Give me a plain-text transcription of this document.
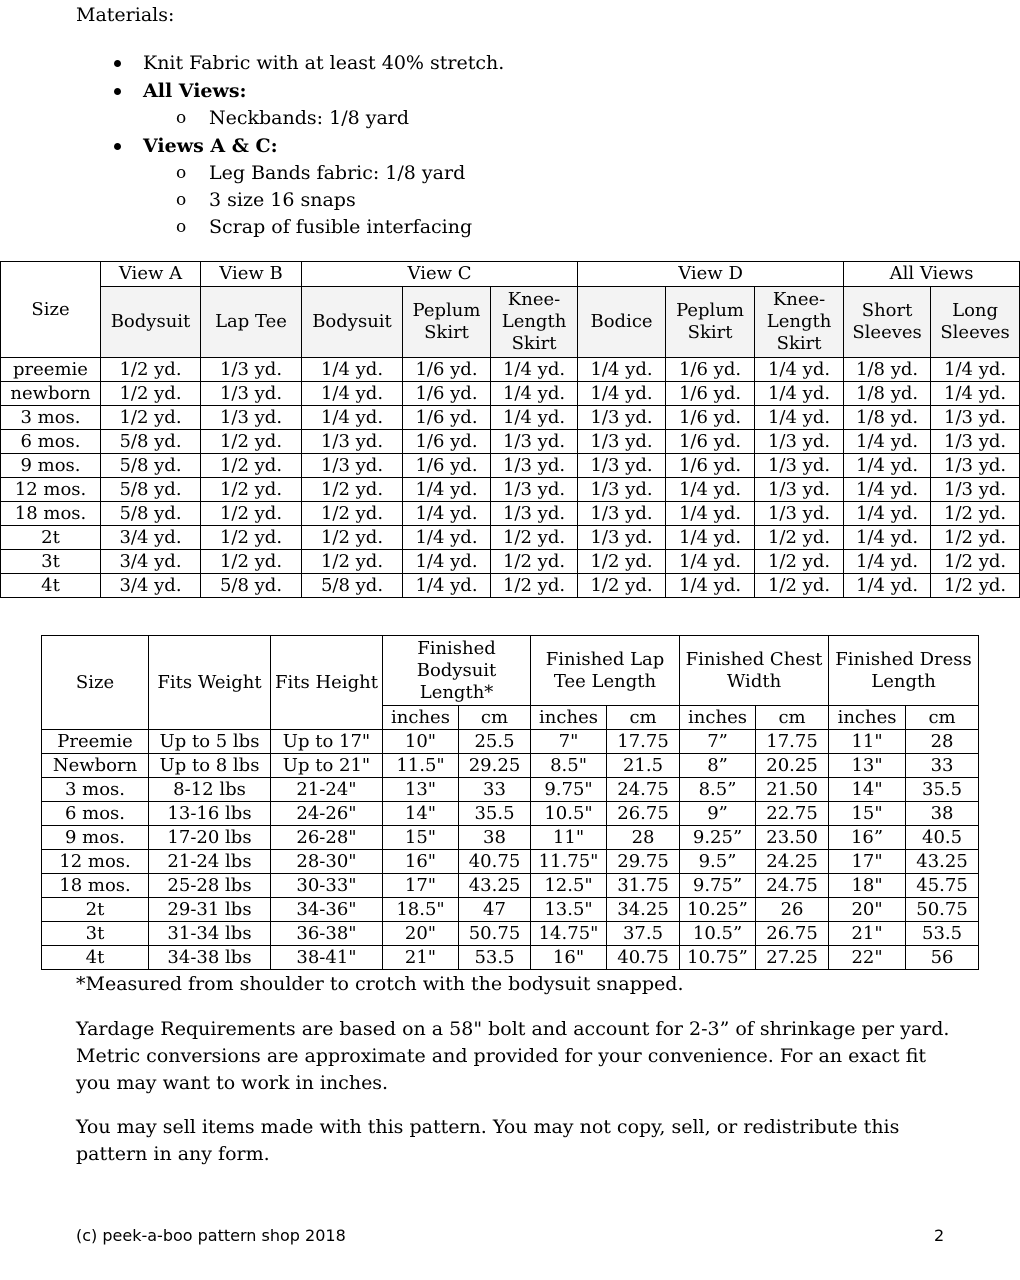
Materials:
Knit Fabric with at least 40% stretch.
All Views:
o Neckbands: 1/8 yard
Views A & C:
o Leg Bands fabric: 1/8 yard
o 3 size 16 snaps
o Scrap of fusible interfacing
Size	View A	View B	View C			View D			All Views	
	Bodysuit	Lap Tee	Bodysuit	Peplum Skirt	Knee-Length Skirt	Bodice	Peplum Skirt	Knee-Length Skirt	Short Sleeves	Long Sleeves
preemie	1/2 yd.	1/3 yd.	1/4 yd.	1/6 yd.	1/4 yd.	1/4 yd.	1/6 yd.	1/4 yd.	1/8 yd.	1/4 yd.
newborn	1/2 yd.	1/3 yd.	1/4 yd.	1/6 yd.	1/4 yd.	1/4 yd.	1/6 yd.	1/4 yd.	1/8 yd.	1/4 yd.
3 mos.	1/2 yd.	1/3 yd.	1/4 yd.	1/6 yd.	1/4 yd.	1/3 yd.	1/6 yd.	1/4 yd.	1/8 yd.	1/3 yd.
6 mos.	5/8 yd.	1/2 yd.	1/3 yd.	1/6 yd.	1/3 yd.	1/3 yd.	1/6 yd.	1/3 yd.	1/4 yd.	1/3 yd.
9 mos.	5/8 yd.	1/2 yd.	1/3 yd.	1/6 yd.	1/3 yd.	1/3 yd.	1/6 yd.	1/3 yd.	1/4 yd.	1/3 yd.
12 mos.	5/8 yd.	1/2 yd.	1/2 yd.	1/4 yd.	1/3 yd.	1/3 yd.	1/4 yd.	1/3 yd.	1/4 yd.	1/3 yd.
18 mos.	5/8 yd.	1/2 yd.	1/2 yd.	1/4 yd.	1/3 yd.	1/3 yd.	1/4 yd.	1/3 yd.	1/4 yd.	1/2 yd.
2t	3/4 yd.	1/2 yd.	1/2 yd.	1/4 yd.	1/2 yd.	1/3 yd.	1/4 yd.	1/2 yd.	1/4 yd.	1/2 yd.
3t	3/4 yd.	1/2 yd.	1/2 yd.	1/4 yd.	1/2 yd.	1/2 yd.	1/4 yd.	1/2 yd.	1/4 yd.	1/2 yd.
4t	3/4 yd.	5/8 yd.	5/8 yd.	1/4 yd.	1/2 yd.	1/2 yd.	1/4 yd.	1/2 yd.	1/4 yd.	1/2 yd.
Size	Fits Weight	Fits Height	Finished Bodysuit Length*		Finished Lap Tee Length		Finished Chest Width		Finished Dress Length	
			inches	cm	inches	cm	inches	cm	inches	cm
Preemie	Up to 5 lbs	Up to 17"	10"	25.5	7"	17.75	7”	17.75	11"	28
Newborn	Up to 8 lbs	Up to 21"	11.5"	29.25	8.5"	21.5	8”	20.25	13"	33
3 mos.	8-12 lbs	21-24"	13"	33	9.75"	24.75	8.5”	21.50	14"	35.5
6 mos.	13-16 lbs	24-26"	14"	35.5	10.5"	26.75	9”	22.75	15"	38
9 mos.	17-20 lbs	26-28"	15"	38	11"	28	9.25”	23.50	16”	40.5
12 mos.	21-24 lbs	28-30"	16"	40.75	11.75"	29.75	9.5”	24.25	17"	43.25
18 mos.	25-28 lbs	30-33"	17"	43.25	12.5"	31.75	9.75”	24.75	18"	45.75
2t	29-31 lbs	34-36"	18.5"	47	13.5"	34.25	10.25”	26	20"	50.75
3t	31-34 lbs	36-38"	20"	50.75	14.75"	37.5	10.5”	26.75	21"	53.5
4t	34-38 lbs	38-41"	21"	53.5	16"	40.75	10.75”	27.25	22"	56
*Measured from shoulder to crotch with the bodysuit snapped.
Yardage Requirements are based on a 58" bolt and account for 2-3” of shrinkage per yard. Metric conversions are approximate and provided for your convenience. For an exact fit you may want to work in inches.
You may sell items made with this pattern. You may not copy, sell, or redistribute this pattern in any form.
(c) peek-a-boo pattern shop 2018	2
